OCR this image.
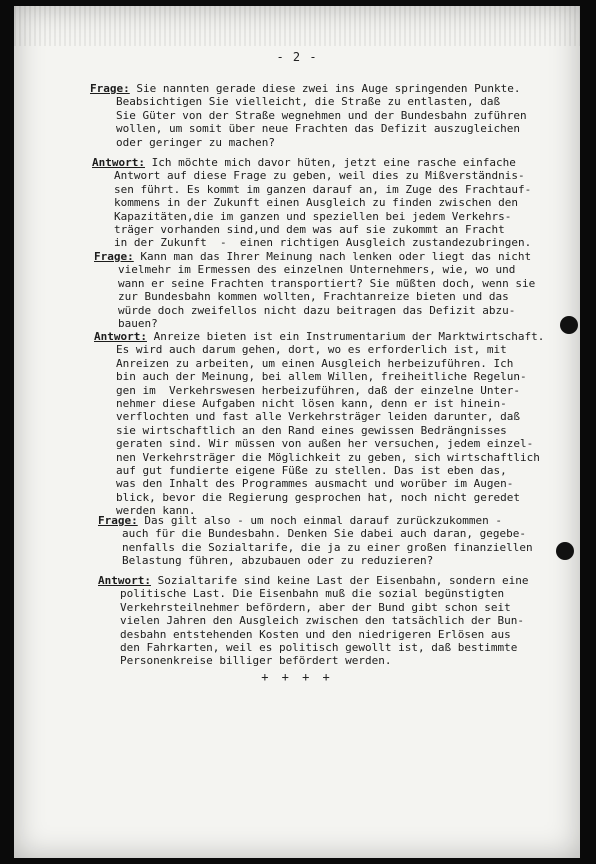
- 2 -
Frage: Sie nannten gerade diese zwei ins Auge springenden Punkte.
Beabsichtigen Sie vielleicht, die Straße zu entlasten, daß
Sie Güter von der Straße wegnehmen und der Bundesbahn zuführen
wollen, um somit über neue Frachten das Defizit auszugleichen
oder geringer zu machen?
Antwort: Ich möchte mich davor hüten, jetzt eine rasche einfache
Antwort auf diese Frage zu geben, weil dies zu Mißverständnis-
sen führt. Es kommt im ganzen darauf an, im Zuge des Frachtauf-
kommens in der Zukunft einen Ausgleich zu finden zwischen den
Kapazitäten,die im ganzen und speziellen bei jedem Verkehrs-
träger vorhanden sind,und dem was auf sie zukommt an Fracht
in der Zukunft  -  einen richtigen Ausgleich zustandezubringen.
Frage: Kann man das Ihrer Meinung nach lenken oder liegt das nicht
vielmehr im Ermessen des einzelnen Unternehmers, wie, wo und
wann er seine Frachten transportiert? Sie müßten doch, wenn sie
zur Bundesbahn kommen wollten, Frachtanreize bieten und das
würde doch zweifellos nicht dazu beitragen das Defizit abzu-
bauen?
Antwort: Anreize bieten ist ein Instrumentarium der Marktwirtschaft.
Es wird auch darum gehen, dort, wo es erforderlich ist, mit
Anreizen zu arbeiten, um einen Ausgleich herbeizuführen. Ich
bin auch der Meinung, bei allem Willen, freiheitliche Regelun-
gen im  Verkehrswesen herbeizuführen, daß der einzelne Unter-
nehmer diese Aufgaben nicht lösen kann, denn er ist hinein-
verflochten und fast alle Verkehrsträger leiden darunter, daß
sie wirtschaftlich an den Rand eines gewissen Bedrängnisses
geraten sind. Wir müssen von außen her versuchen, jedem einzel-
nen Verkehrsträger die Möglichkeit zu geben, sich wirtschaftlich
auf gut fundierte eigene Füße zu stellen. Das ist eben das,
was den Inhalt des Programmes ausmacht und worüber im Augen-
blick, bevor die Regierung gesprochen hat, noch nicht geredet
werden kann.
Frage: Das gilt also - um noch einmal darauf zurückzukommen -
auch für die Bundesbahn. Denken Sie dabei auch daran, gegebe-
nenfalls die Sozialtarife, die ja zu einer großen finanziellen
Belastung führen, abzubauen oder zu reduzieren?
Antwort: Sozialtarife sind keine Last der Eisenbahn, sondern eine
politische Last. Die Eisenbahn muß die sozial begünstigten
Verkehrsteilnehmer befördern, aber der Bund gibt schon seit
vielen Jahren den Ausgleich zwischen den tatsächlich der Bun-
desbahn entstehenden Kosten und den niedrigeren Erlösen aus
den Fahrkarten, weil es politisch gewollt ist, daß bestimmte
Personenkreise billiger befördert werden.
+ + + +
